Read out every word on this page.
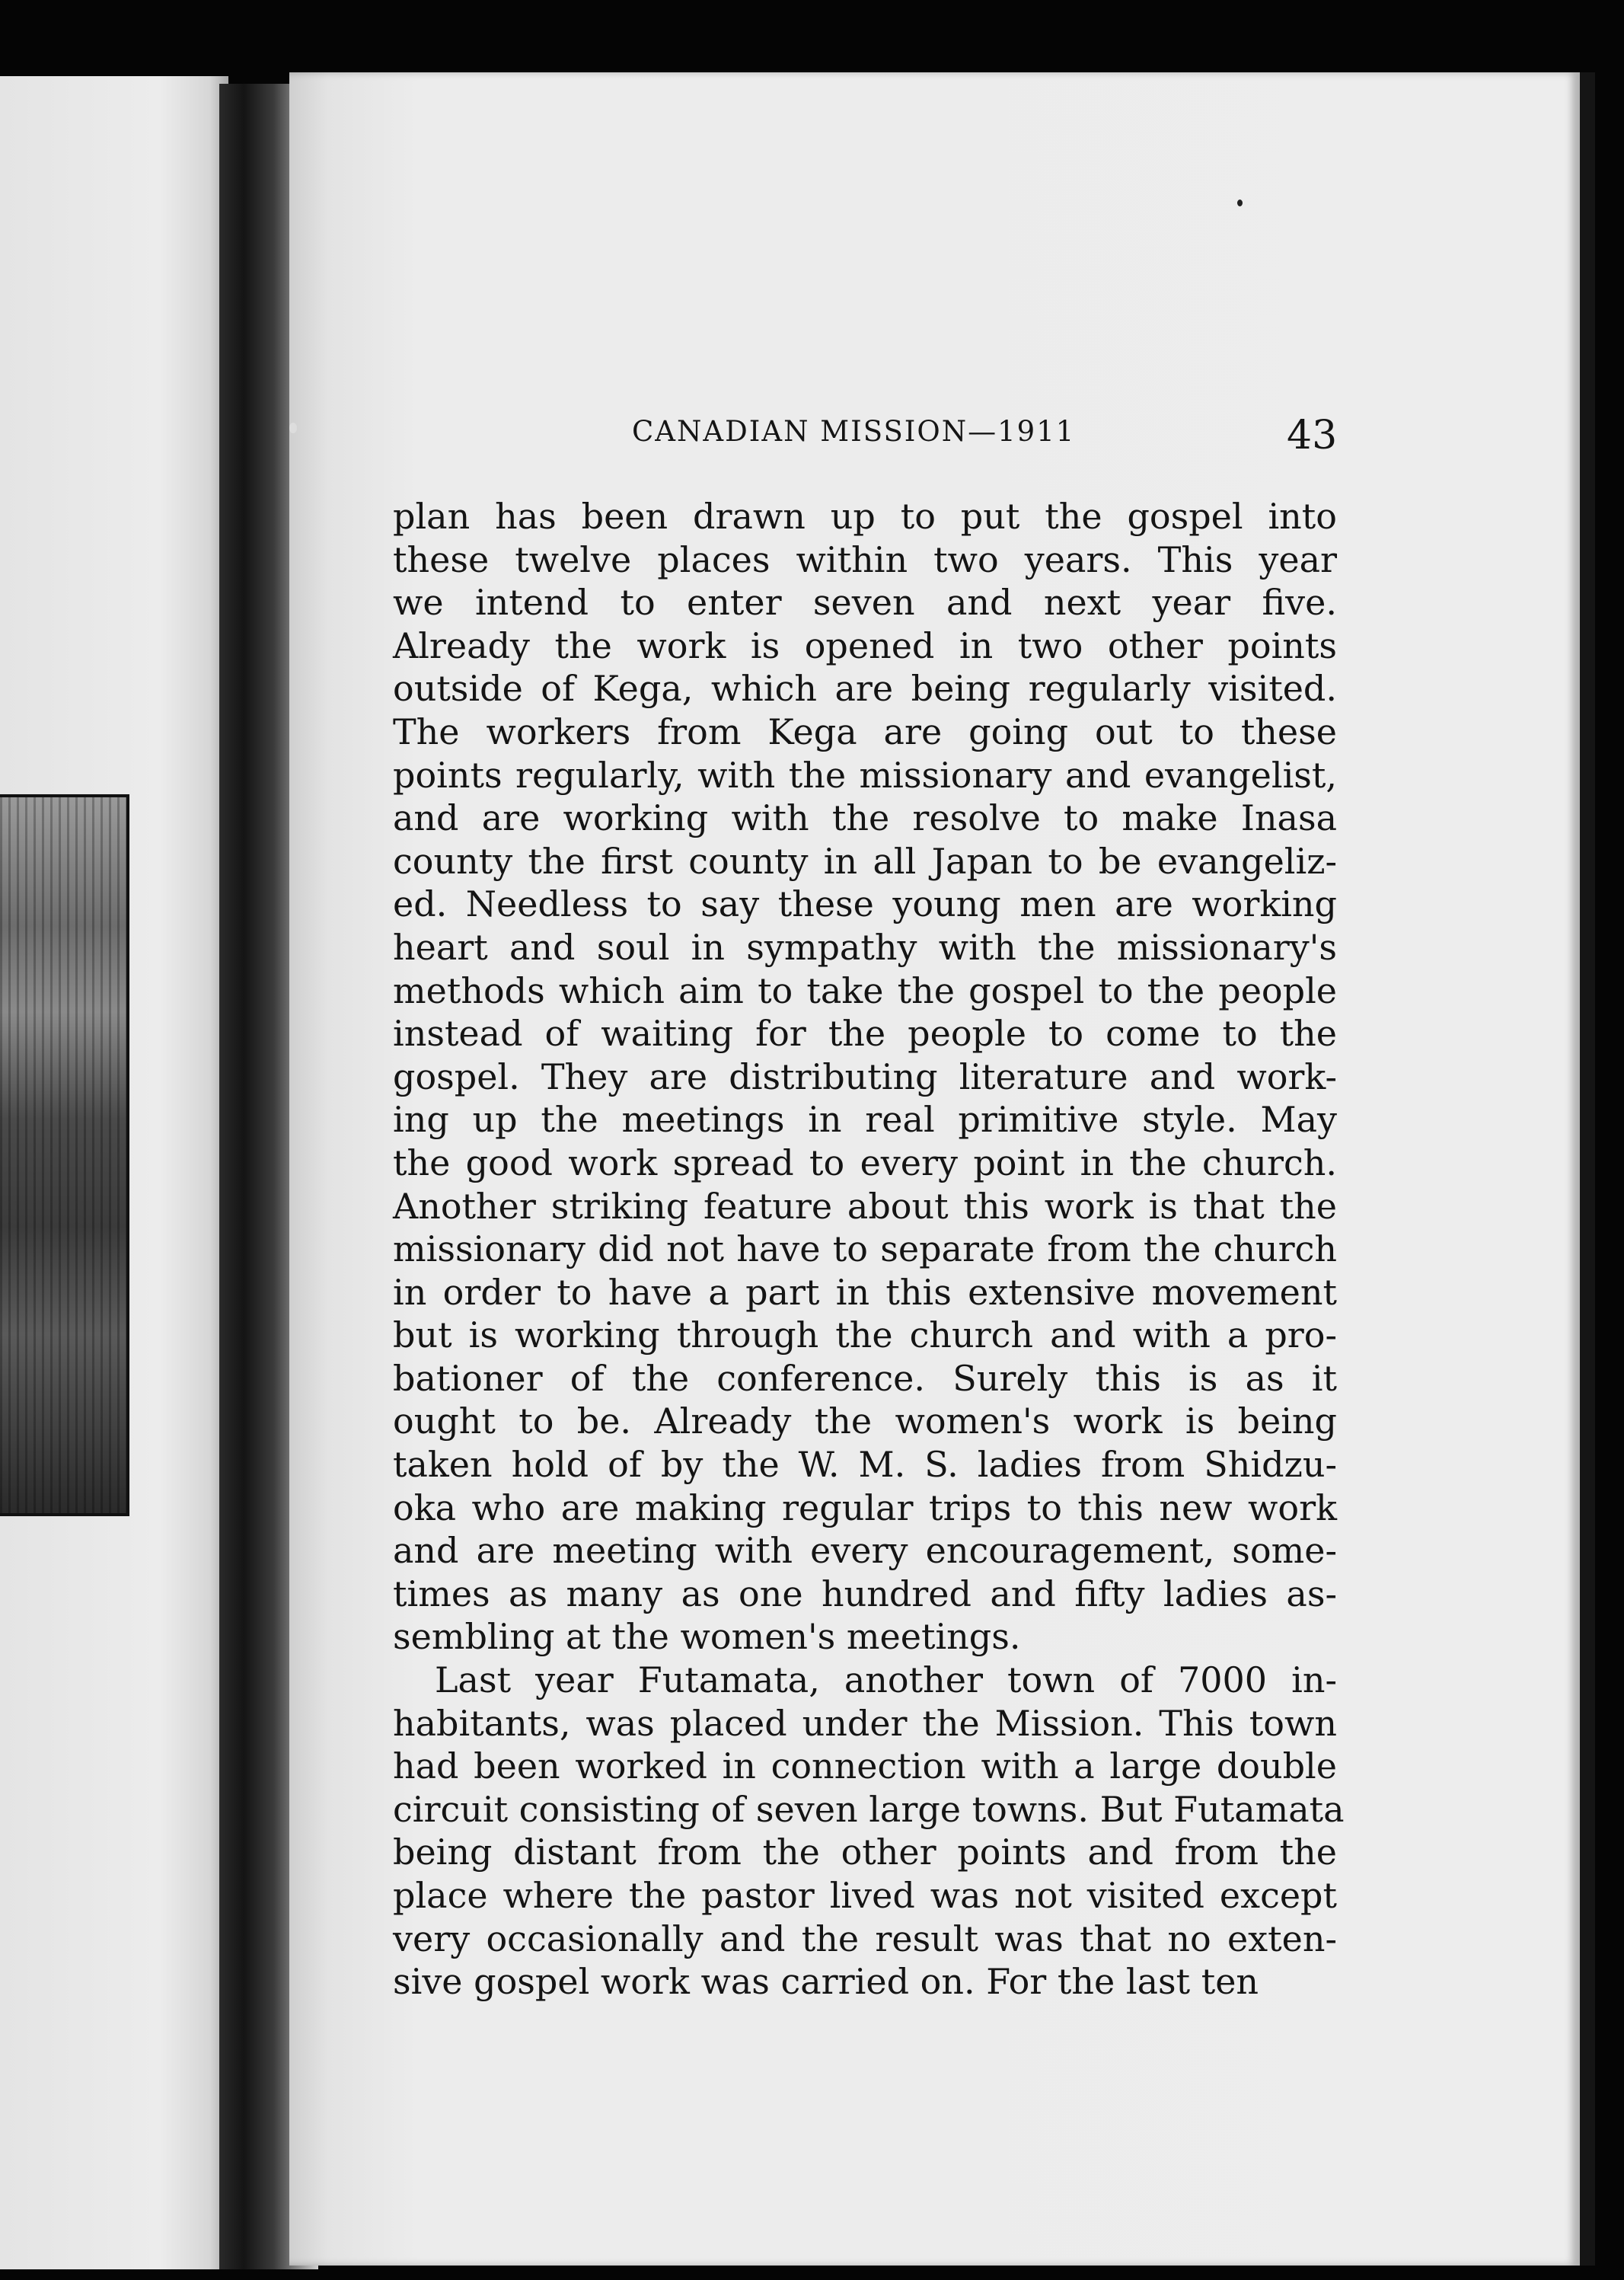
CANADIAN MISSION—1911	43
plan has been drawn up to put the gospel into
these twelve places within two years. This year
we intend to enter seven and next year five.
Already the work is opened in two other points
outside of Kega, which are being regularly visited.
The workers from Kega are going out to these
points regularly, with the missionary and evangelist,
and are working with the resolve to make Inasa
county the first county in all Japan to be evangeliz-
ed. Needless to say these young men are working
heart and soul in sympathy with the missionary's
methods which aim to take the gospel to the people
instead of waiting for the people to come to the
gospel. They are distributing literature and work-
ing up the meetings in real primitive style. May
the good work spread to every point in the church.
Another striking feature about this work is that the
missionary did not have to separate from the church
in order to have a part in this extensive movement
but is working through the church and with a pro-
bationer of the conference. Surely this is as it
ought to be. Already the women's work is being
taken hold of by the W. M. S. ladies from Shidzu-
oka who are making regular trips to this new work
and are meeting with every encouragement, some-
times as many as one hundred and fifty ladies as-
sembling at the women's meetings.
Last year Futamata, another town of 7000 in-
habitants, was placed under the Mission. This town
had been worked in connection with a large double
circuit consisting of seven large towns. But Futamata
being distant from the other points and from the
place where the pastor lived was not visited except
very occasionally and the result was that no exten-
sive gospel work was carried on. For the last ten
